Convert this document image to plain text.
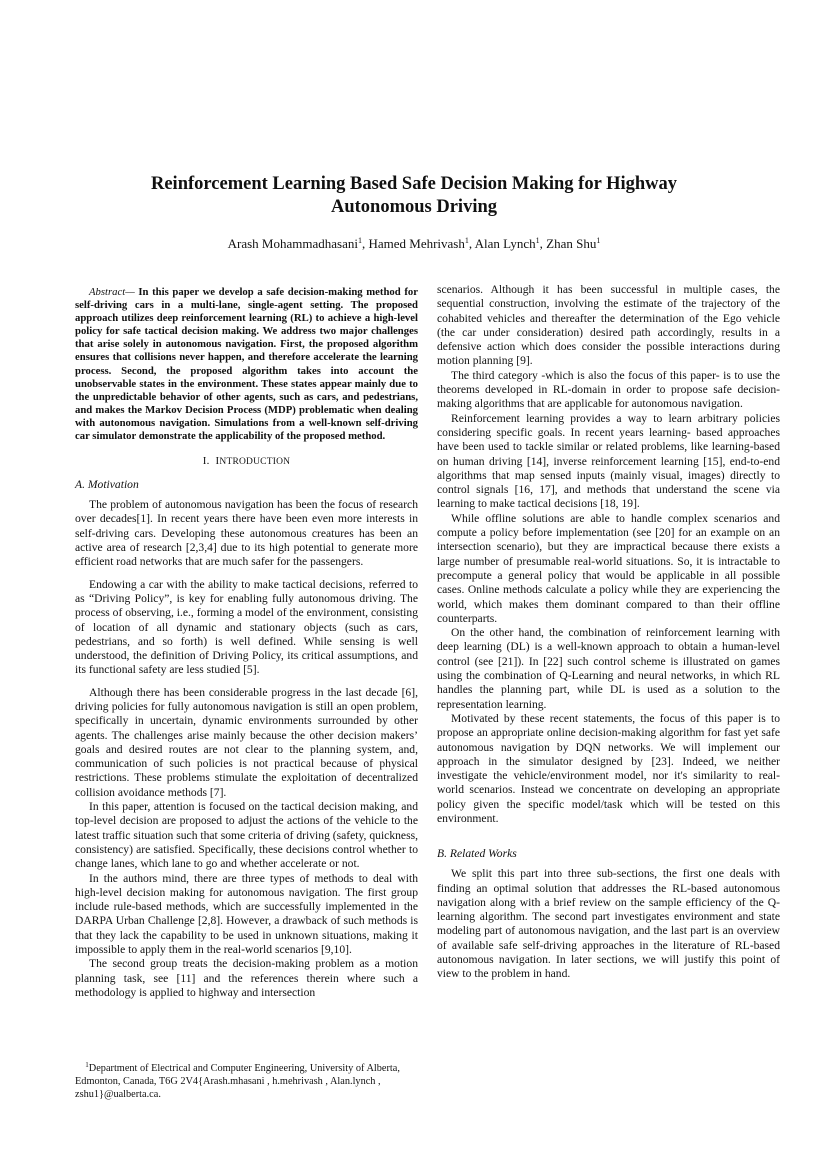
Reinforcement Learning Based Safe Decision Making for Highway
Autonomous Driving
Arash Mohammadhasani$^1$, Hamed Mehrivash$^1$, Alan Lynch$^1$, Zhan Shu$^1$

Abstract— In this paper we develop a safe decision-making method for self-driving cars in a multi-lane, single-agent setting. The proposed approach utilizes deep reinforcement learning (RL) to achieve a high-level policy for safe tactical decision making. We address two major challenges that arise solely in autonomous navigation. First, the proposed algorithm ensures that collisions never happen, and therefore accelerate the learning process. Second, the proposed algorithm takes into account the unobservable states in the environment. These states appear mainly due to the unpredictable behavior of other agents, such as cars, and pedestrians, and makes the Markov Decision Process (MDP) problematic when dealing with autonomous navigation. Simulations from a well-known self-driving car simulator demonstrate the applicability of the proposed method.

I. INTRODUCTION
A. Motivation

The problem of autonomous navigation has been the focus of research over decades[1]. In recent years there have been even more interests in self-driving cars. Developing these autonomous creatures has been an active area of research [2,3,4] due to its high potential to generate more efficient road networks that are much safer for the passengers.

Endowing a car with the ability to make tactical decisions, referred to as “Driving Policy”, is key for enabling fully autonomous driving. The process of observing, i.e., forming a model of the environment, consisting of location of all dynamic and stationary objects (such as cars, pedestrians, and so forth) is well defined. While sensing is well understood, the definition of Driving Policy, its critical assumptions, and its functional safety are less studied [5].

Although there has been considerable progress in the last decade [6], driving policies for fully autonomous navigation is still an open problem, specifically in uncertain, dynamic environments surrounded by other agents. The challenges arise mainly because the other decision makers’ goals and desired routes are not clear to the planning system, and, communication of such policies is not practical because of physical restrictions. These problems stimulate the exploitation of decentralized collision avoidance methods [7].

In this paper, attention is focused on the tactical decision making, and top-level decision are proposed to adjust the actions of the vehicle to the latest traffic situation such that some criteria of driving (safety, quickness, consistency) are satisfied. Specifically, these decisions control whether to change lanes, which lane to go and whether accelerate or not.

In the authors mind, there are three types of methods to deal with high-level decision making for autonomous navigation. The first group include rule-based methods, which are successfully implemented in the DARPA Urban Challenge [2,8]. However, a drawback of such methods is that they lack the capability to be used in unknown situations, making it impossible to apply them in the real-world scenarios [9,10].

The second group treats the decision-making problem as a motion planning task, see [11] and the references therein where such a methodology is applied to highway and intersection

scenarios. Although it has been successful in multiple cases, the sequential construction, involving the estimate of the trajectory of the cohabited vehicles and thereafter the determination of the Ego vehicle (the car under consideration) desired path accordingly, results in a defensive action which does consider the possible interactions during motion planning [9].

The third category -which is also the focus of this paper- is to use the theorems developed in RL-domain in order to propose safe decision-making algorithms that are applicable for autonomous navigation.

Reinforcement learning provides a way to learn arbitrary policies considering specific goals. In recent years learning- based approaches have been used to tackle similar or related problems, like learning-based on human driving [14], inverse reinforcement learning [15], end-to-end algorithms that map sensed inputs (mainly visual, images) directly to control signals [16, 17], and methods that understand the scene via learning to make tactical decisions [18, 19].

While offline solutions are able to handle complex scenarios and compute a policy before implementation (see [20] for an example on an intersection scenario), but they are impractical because there exists a large number of presumable real-world situations. So, it is intractable to precompute a general policy that would be applicable in all possible cases. Online methods calculate a policy while they are experiencing the world, which makes them dominant compared to than their offline counterparts.

On the other hand, the combination of reinforcement learning with deep learning (DL) is a well-known approach to obtain a human-level control (see [21]). In [22] such control scheme is illustrated on games using the combination of Q-Learning and neural networks, in which RL handles the planning part, while DL is used as a solution to the representation learning.

Motivated by these recent statements, the focus of this paper is to propose an appropriate online decision-making algorithm for fast yet safe autonomous navigation by DQN networks. We will implement our approach in the simulator designed by [23]. Indeed, we neither investigate the vehicle/environment model, nor it's similarity to real-world scenarios. Instead we concentrate on developing an appropriate policy given the specific model/task which will be tested on this environment.

B. Related Works

We split this part into three sub-sections, the first one deals with finding an optimal solution that addresses the RL-based autonomous navigation along with a brief review on the sample efficiency of the Q-learning algorithm. The second part investigates environment and state modeling part of autonomous navigation, and the last part is an overview of available safe self-driving approaches in the literature of RL-based autonomous navigation. In later sections, we will justify this point of view to the problem in hand.

$^1$Department of Electrical and Computer Engineering, University of Alberta, Edmonton, Canada, T6G 2V4{Arash.mhasani , h.mehrivash , Alan.lynch , zshu1}@ualberta.ca.
